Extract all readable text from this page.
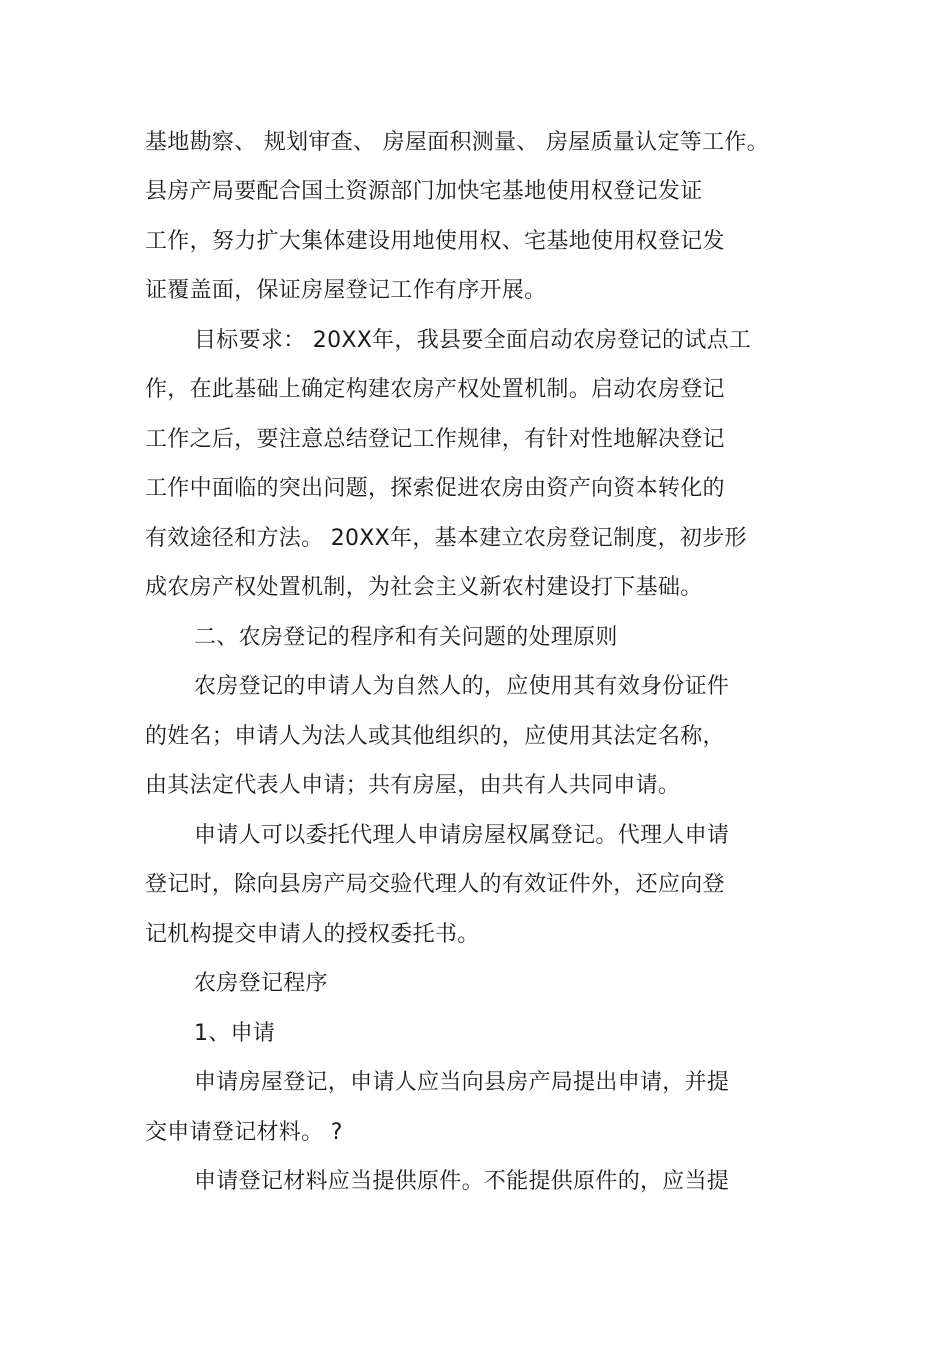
基地勘察、 规划审查、 房屋面积测量、 房屋质量认定等工作。
县房产局要配合国土资源部门加快宅基地使用权登记发证
工作，努力扩大集体建设用地使用权、宅基地使用权登记发
证覆盖面，保证房屋登记工作有序开展。
目标要求： 20XX年，我县要全面启动农房登记的试点工
作，在此基础上确定构建农房产权处置机制。启动农房登记
工作之后，要注意总结登记工作规律，有针对性地解决登记
工作中面临的突出问题，探索促进农房由资产向资本转化的
有效途径和方法。 20XX年，基本建立农房登记制度，初步形
成农房产权处置机制，为社会主义新农村建设打下基础。
二、农房登记的程序和有关问题的处理原则
农房登记的申请人为自然人的，应使用其有效身份证件
的姓名；申请人为法人或其他组织的，应使用其法定名称，
由其法定代表人申请；共有房屋，由共有人共同申请。
申请人可以委托代理人申请房屋权属登记。代理人申请
登记时，除向县房产局交验代理人的有效证件外，还应向登
记机构提交申请人的授权委托书。
农房登记程序
1、申请
申请房屋登记，申请人应当向县房产局提出申请，并提
交申请登记材料。 ?
申请登记材料应当提供原件。不能提供原件的，应当提
